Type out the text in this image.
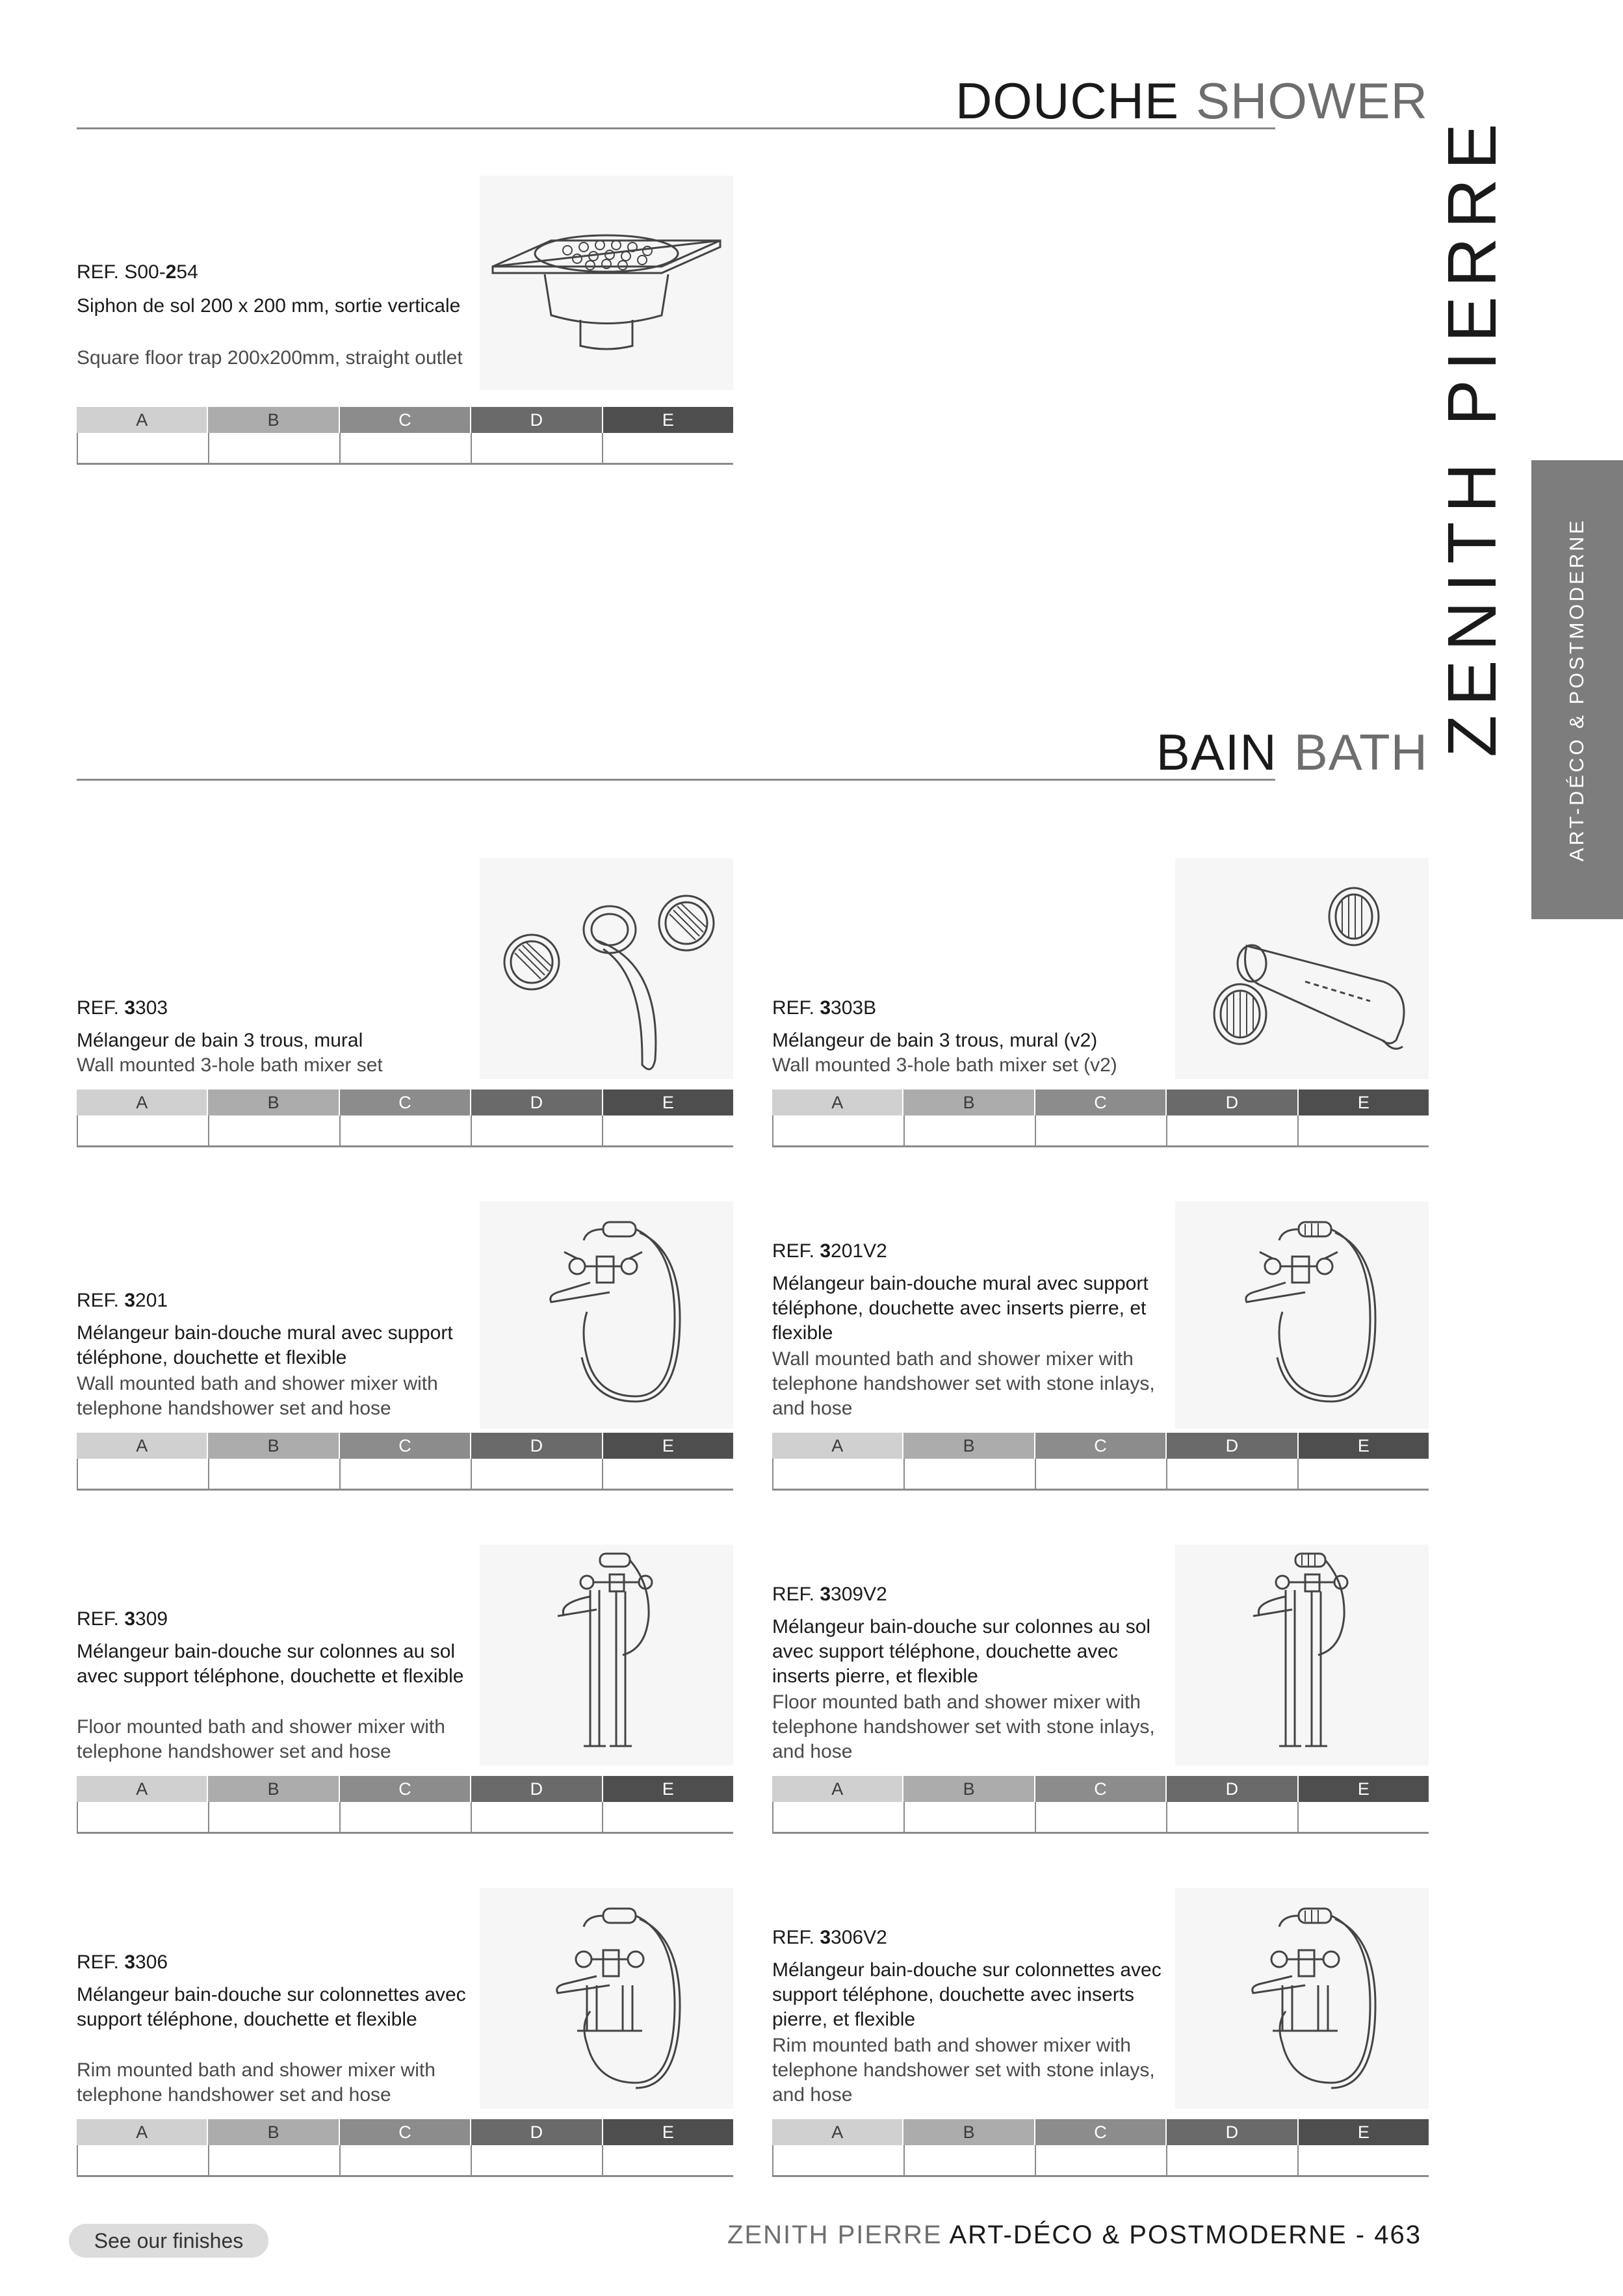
DOUCHE SHOWER
BAIN BATH ZENITH PIERRE	ART-DÉCO & POSTMODERNE
REF. S00-254
Siphon de sol 200 x 200 mm, sortie verticale
Square floor trap 200x200mm, straight outlet
A	B	C	D	E
REF. 3303
Mélangeur de bain 3 trous, mural
Wall mounted 3-hole bath mixer set
A	B	C	D	E
REF. 3303B
Mélangeur de bain 3 trous, mural (v2)
Wall mounted 3-hole bath mixer set (v2)
A	B	C	D	E
REF. 3201
Mélangeur bain-douche mural avec support téléphone, douchette et flexible
Wall mounted bath and shower mixer with telephone handshower set and hose
A	B	C	D	E
REF. 3201V2
Mélangeur bain-douche mural avec support téléphone, douchette avec inserts pierre, et flexible
Wall mounted bath and shower mixer with telephone handshower set with stone inlays, and hose
A	B	C	D	E
REF. 3309
Mélangeur bain-douche sur colonnes au sol avec support téléphone, douchette et flexible
Floor mounted bath and shower mixer with telephone handshower set and hose
A	B	C	D	E
REF. 3309V2
Mélangeur bain-douche sur colonnes au sol avec support téléphone, douchette avec inserts pierre, et flexible
Floor mounted bath and shower mixer with telephone handshower set with stone inlays, and hose
A	B	C	D	E
REF. 3306
Mélangeur bain-douche sur colonnettes avec support téléphone, douchette et flexible
Rim mounted bath and shower mixer with telephone handshower set and hose
A	B	C	D	E
REF. 3306V2
Mélangeur bain-douche sur colonnettes avec support téléphone, douchette avec inserts pierre, et flexible
Rim mounted bath and shower mixer with telephone handshower set with stone inlays, and hose
A	B	C	D	E
See our finishes	ZENITH PIERRE ART-DÉCO & POSTMODERNE - 463
